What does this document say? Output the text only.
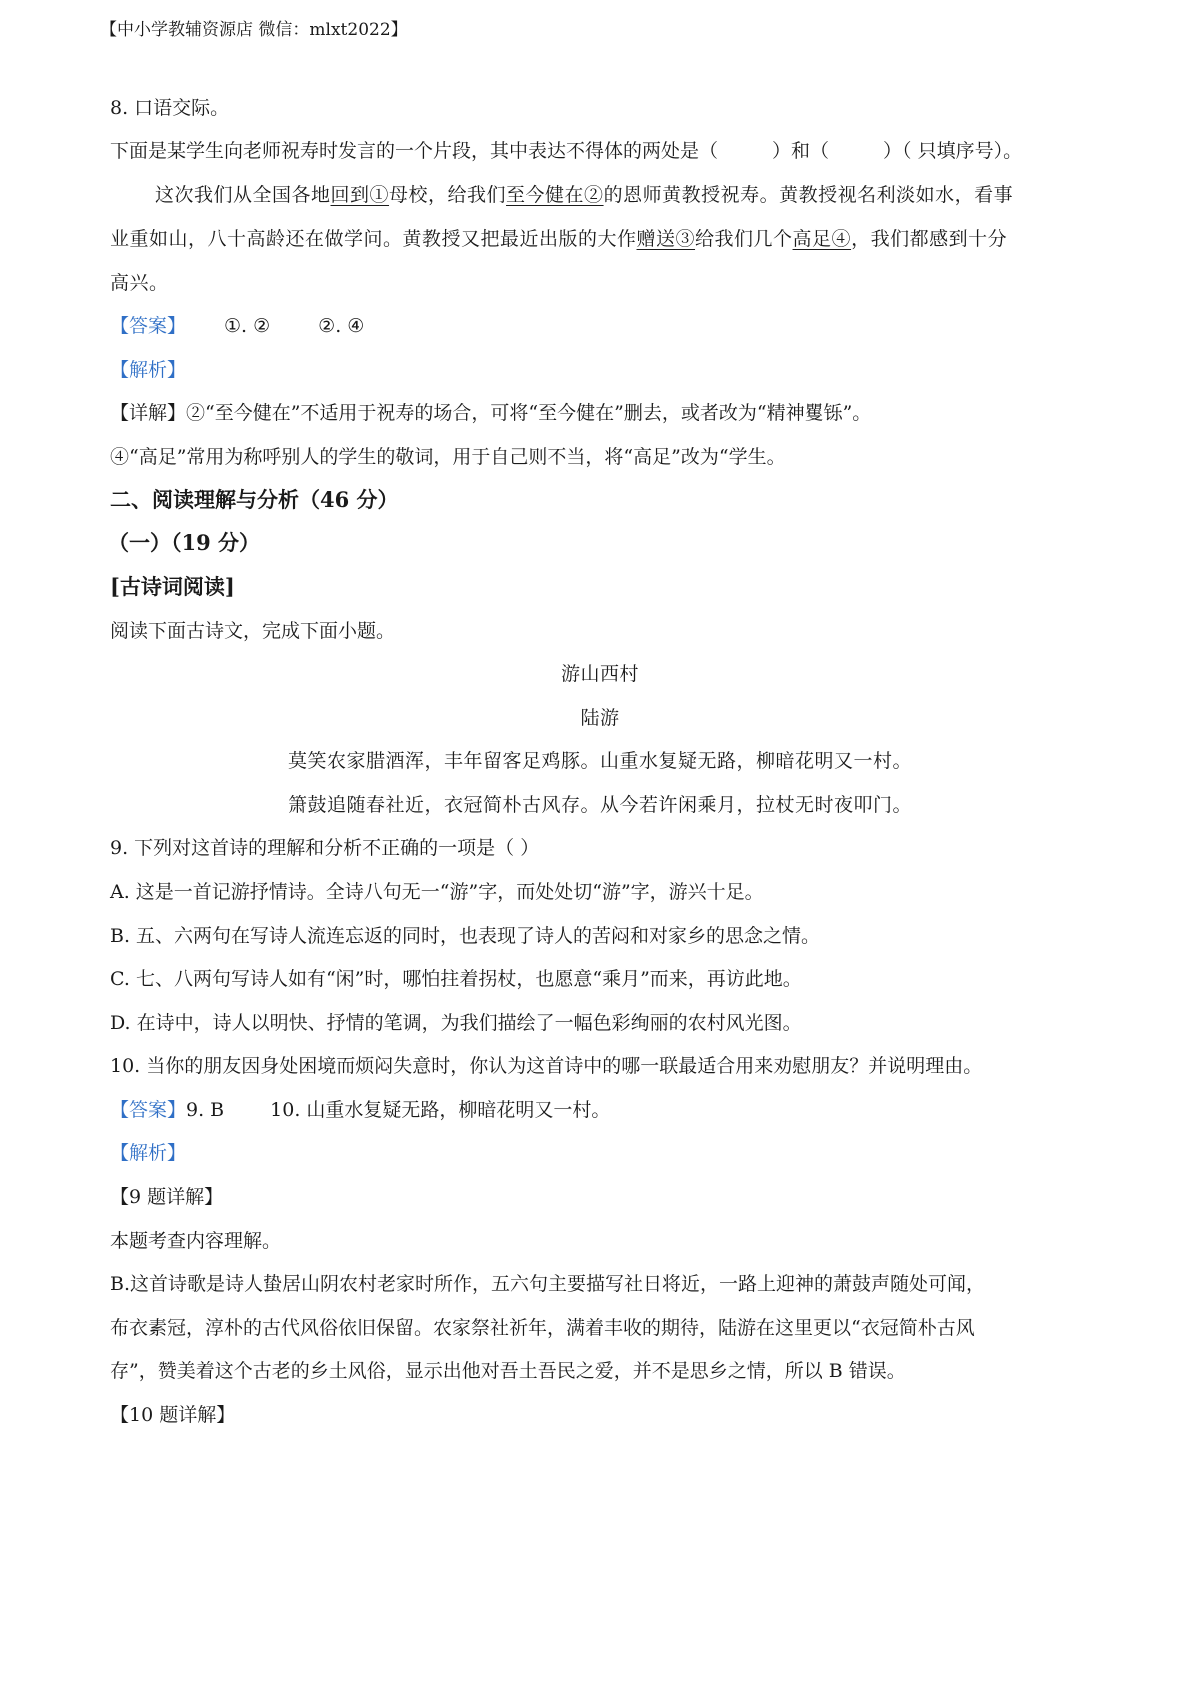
【中小学教辅资源店 微信：mlxt2022】
8. 口语交际。
下面是某学生向老师祝寿时发言的一个片段，其中表达不得体的两处是（	）和（	）（ 只填序号）。
这次我们从全国各地回到①母校，给我们至今健在②的恩师黄教授祝寿。黄教授视名利淡如水，看事
业重如山，八十高龄还在做学问。黄教授又把最近出版的大作赠送③给我们几个高足④，我们都感到十分
高兴。
【答案】 ①. ②	②. ④
【解析】
【详解】②“至今健在”不适用于祝寿的场合，可将“至今健在”删去，或者改为“精神矍铄”。
④“高足”常用为称呼别人的学生的敬词，用于自己则不当，将“高足”改为“学生。
二、阅读理解与分析（46 分）
（一）（19 分）
[古诗词阅读]
阅读下面古诗文，完成下面小题。
游山西村
陆游
莫笑农家腊酒浑，丰年留客足鸡豚。山重水复疑无路，柳暗花明又一村。
箫鼓追随春社近，衣冠简朴古风存。从今若许闲乘月，拉杖无时夜叩门。
9. 下列对这首诗的理解和分析不正确的一项是（ ）
A. 这是一首记游抒情诗。全诗八句无一“游”字，而处处切“游”字，游兴十足。
B. 五、六两句在写诗人流连忘返的同时，也表现了诗人的苦闷和对家乡的思念之情。
C. 七、八两句写诗人如有“闲”时，哪怕拄着拐杖，也愿意“乘月”而来，再访此地。
D. 在诗中，诗人以明快、抒情的笔调，为我们描绘了一幅色彩绚丽的农村风光图。
10. 当你的朋友因身处困境而烦闷失意时，你认为这首诗中的哪一联最适合用来劝慰朋友？并说明理由。
【答案】9. B 10. 山重水复疑无路，柳暗花明又一村。
【解析】
【9 题详解】
本题考查内容理解。
B.这首诗歌是诗人蛰居山阴农村老家时所作，五六句主要描写社日将近，一路上迎神的萧鼓声随处可闻，
布衣素冠，淳朴的古代风俗依旧保留。农家祭社祈年，满着丰收的期待，陆游在这里更以“衣冠简朴古风
存”，赞美着这个古老的乡土风俗，显示出他对吾土吾民之爱，并不是思乡之情，所以 B 错误。
【10 题详解】
